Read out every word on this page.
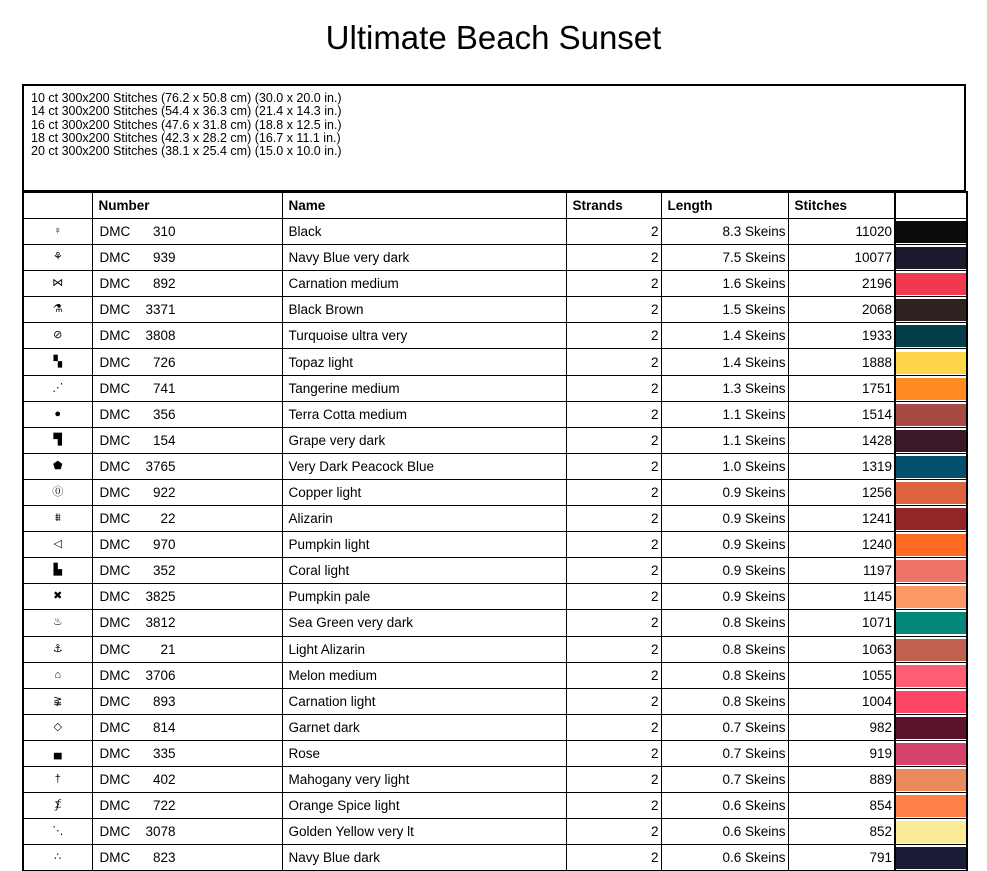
Ultimate Beach Sunset
10 ct 300x200 Stitches (76.2 x 50.8 cm) (30.0 x 20.0 in.)
14 ct 300x200 Stitches (54.4 x 36.3 cm) (21.4 x 14.3 in.)
16 ct 300x200 Stitches (47.6 x 31.8 cm) (18.8 x 12.5 in.)
18 ct 300x200 Stitches (42.3 x 28.2 cm) (16.7 x 11.1 in.)
20 ct 300x200 Stitches (38.1 x 25.4 cm) (15.0 x 10.0 in.)
	Number	Name	Strands	Length	Stitches	
♀	DMC 310	Black	2	8.3 Skeins	11020	

⚘	DMC 939	Navy Blue very dark	2	7.5 Skeins	10077	

⋈	DMC 892	Carnation medium	2	1.6 Skeins	2196	

⚗	DMC 3371	Black Brown	2	1.5 Skeins	2068	

⊘	DMC 3808	Turquoise ultra very	2	1.4 Skeins	1933	

▚	DMC 726	Topaz light	2	1.4 Skeins	1888	

⋰	DMC 741	Tangerine medium	2	1.3 Skeins	1751	

●	DMC 356	Terra Cotta medium	2	1.1 Skeins	1514	

▜	DMC 154	Grape very dark	2	1.1 Skeins	1428	

⬟	DMC 3765	Very Dark Peacock Blue	2	1.0 Skeins	1319	

⓪	DMC 922	Copper light	2	0.9 Skeins	1256	

⩩	DMC 22	Alizarin	2	0.9 Skeins	1241	

◁	DMC 970	Pumpkin light	2	0.9 Skeins	1240	

▙	DMC 352	Coral light	2	0.9 Skeins	1197	

✖	DMC 3825	Pumpkin pale	2	0.9 Skeins	1145	

♨	DMC 3812	Sea Green very dark	2	0.8 Skeins	1071	

⚓	DMC 21	Light Alizarin	2	0.8 Skeins	1063	

⌂	DMC 3706	Melon medium	2	0.8 Skeins	1055	

⪊	DMC 893	Carnation light	2	0.8 Skeins	1004	

◇	DMC 814	Garnet dark	2	0.7 Skeins	982	

▄	DMC 335	Rose	2	0.7 Skeins	919	

†	DMC 402	Mahogany very light	2	0.7 Skeins	889	

⨋	DMC 722	Orange Spice light	2	0.6 Skeins	854	

⋱	DMC 3078	Golden Yellow very lt	2	0.6 Skeins	852	

∴	DMC 823	Navy Blue dark	2	0.6 Skeins	791	
